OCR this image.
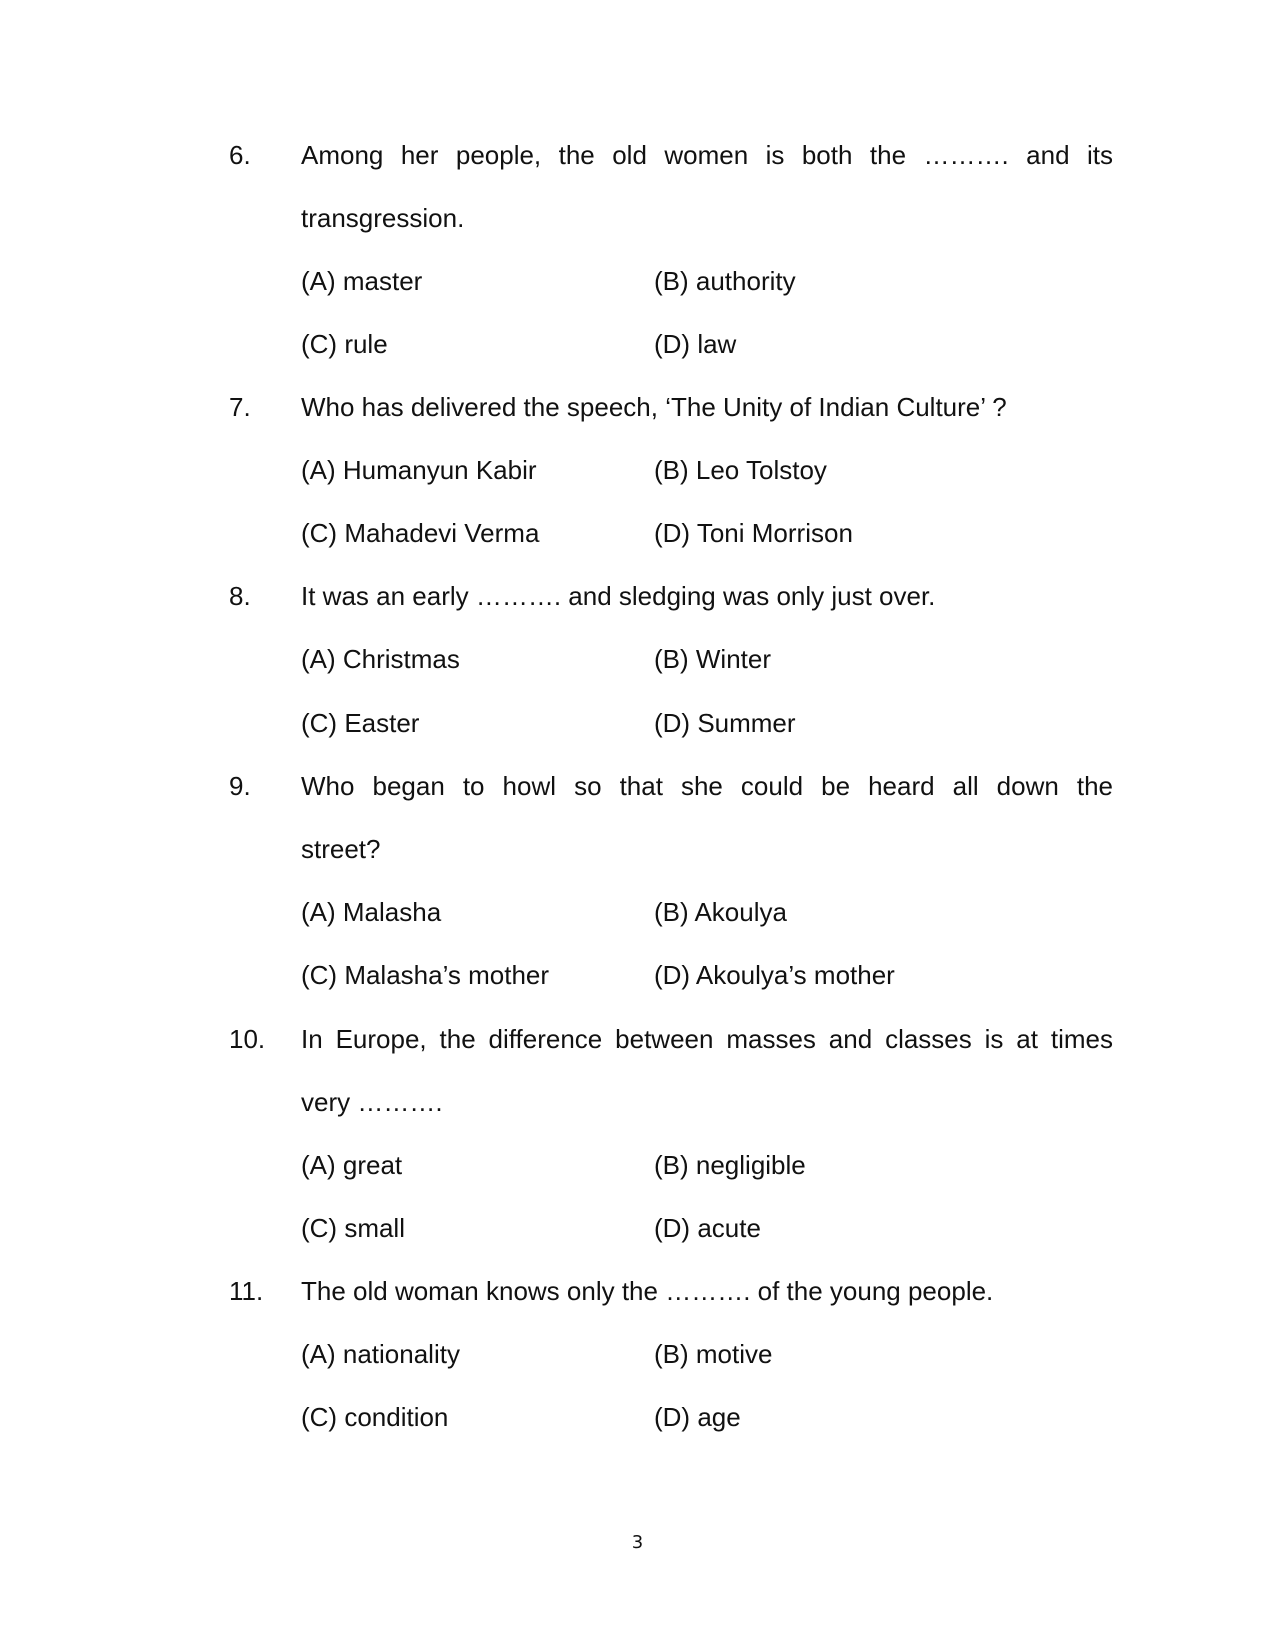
6. Among her people, the old women is both the ………. and its
transgression.
(A) master	(B) authority
(C) rule	(D) law
7. Who has delivered the speech, ‘The Unity of Indian Culture’ ?
(A) Humanyun Kabir	(B) Leo Tolstoy
(C) Mahadevi Verma	(D) Toni Morrison
8. It was an early ………. and sledging was only just over.
(A) Christmas	(B) Winter
(C) Easter	(D) Summer
9. Who began to howl so that she could be heard all down the
street?
(A) Malasha	(B) Akoulya
(C) Malasha’s mother	(D) Akoulya’s mother
10. In Europe, the difference between masses and classes is at times
very ……….
(A) great	(B) negligible
(C) small	(D) acute
11. The old woman knows only the ………. of the young people.
(A) nationality	(B) motive
(C) condition	(D) age
3
